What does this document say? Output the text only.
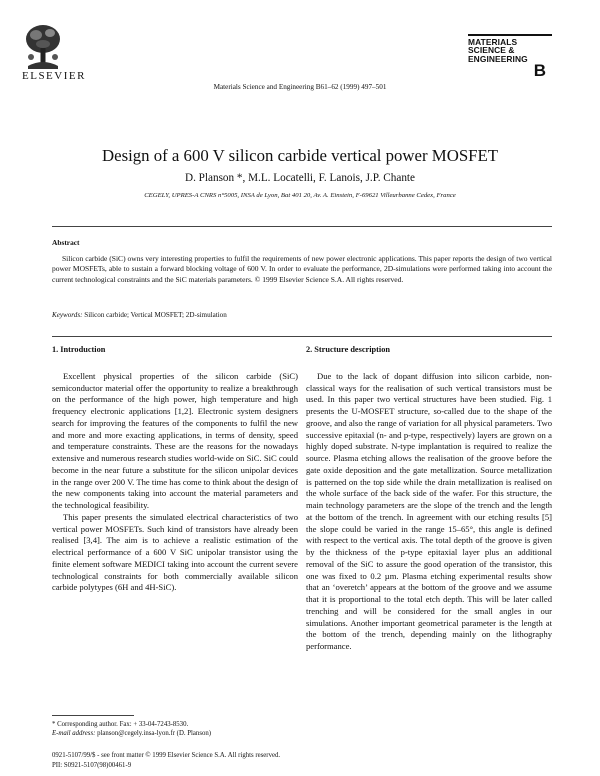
ELSEVIER
Materials Science and Engineering B61–62 (1999) 497–501
MATERIALS
SCIENCE &
ENGINEERING
B
Design of a 600 V silicon carbide vertical power MOSFET
D. Planson *, M.L. Locatelli, F. Lanois, J.P. Chante
CEGELY, UPRES-A CNRS n°5005, INSA de Lyon, Bat 401 20, Av. A. Einstein, F-69621 Villeurbanne Cedex, France
Abstract
Silicon carbide (SiC) owns very interesting properties to fulfil the requirements of new power electronic applications. This paper reports the design of two vertical power MOSFETs, able to sustain a forward blocking voltage of 600 V. In order to evaluate the performance, 2D-simulations were performed taking into account the current technological constraints and the SiC materials parameters. © 1999 Elsevier Science S.A. All rights reserved.
Keywords: Silicon carbide; Vertical MOSFET; 2D-simulation
1. Introduction

Excellent physical properties of the silicon carbide (SiC) semiconductor material offer the opportunity to realize a breakthrough on the performance of the high power, high temperature and high frequency electronic applications [1,2]. Electronic system designers search for improving the features of the components to fulfil the new and more and more exacting applications, in terms of density, speed and temperature constraints. These are the reasons for the nowadays extensive and numerous research studies world-wide on SiC. SiC could become in the near future a substitute for the silicon unipolar devices in the range over 200 V. The time has come to think about the design of the new components taking into account the material parameters and the technological feasibility.

This paper presents the simulated electrical characteristics of two vertical power MOSFETs. Such kind of transistors have already been realised [3,4]. The aim is to achieve a realistic estimation of the electrical performance of a 600 V SiC unipolar transistor using the finite element software MEDICI taking into account the current severe technological constraints for both commercially available silicon carbide polytypes (6H and 4H-SiC).

2. Structure description

Due to the lack of dopant diffusion into silicon carbide, non-classical ways for the realisation of such vertical transistors must be used. In this paper two vertical structures have been studied. Fig. 1 presents the U-MOSFET structure, so-called due to the shape of the groove, and also the range of variation for all physical parameters. Two successive epitaxial (n- and p-type, respectively) layers are grown on a highly doped substrate. N-type implantation is required to realize the source. Plasma etching allows the realisation of the groove before the gate oxide deposition and the gate metallization. Source metallization is patterned on the top side while the drain metallization is realised on the whole surface of the back side of the wafer. For this structure, the main technology parameters are the slope of the trench and the length at the bottom of the trench. In agreement with our etching results [5] the slope could be varied in the range 15–65°, this angle is defined with respect to the vertical axis. The total depth of the groove is given by the thickness of the p-type epitaxial layer plus an additional removal of the SiC to assure the good operation of the transistor, this one was fixed to 0.2 µm. Plasma etching experimental results show that an ‘overetch’ appears at the bottom of the groove and we assume that it is proportional to the total etch depth. This will be later called trenching and will be considered for the small angles in our simulations. Another important geometrical parameter is the length at the bottom of the trench, depending mainly on the lithography performance.

* Corresponding author. Fax: + 33-04-7243-8530.
E-mail address: planson@cegely.insa-lyon.fr (D. Planson)
0921-5107/99/$ - see front matter © 1999 Elsevier Science S.A. All rights reserved.
PII: S0921-5107(98)00461-9
